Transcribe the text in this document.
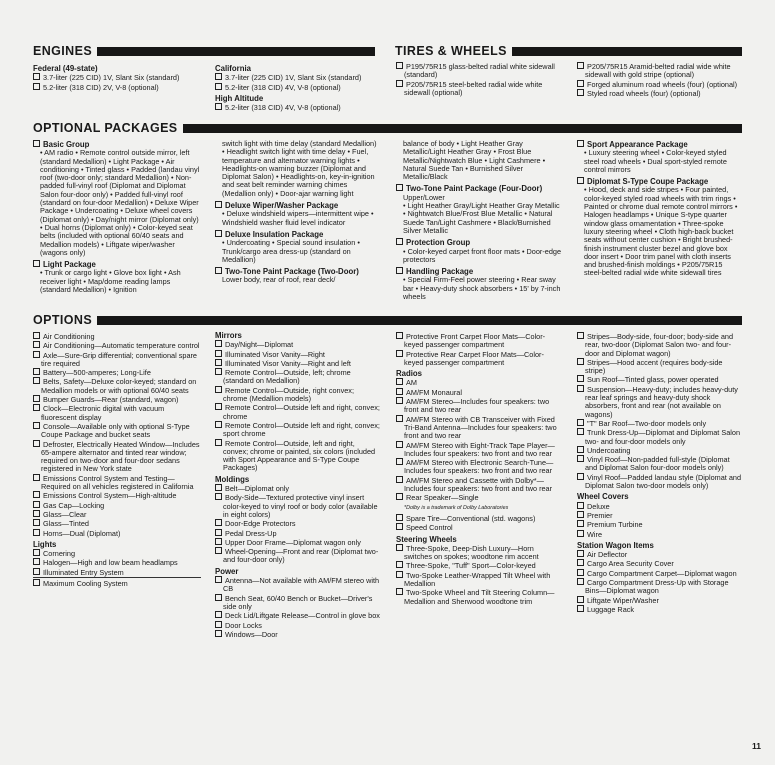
ENGINES	TIRES & WHEELS
OPTIONAL PACKAGES
OPTIONS

Federal (49-state)

3.7-liter (225 CID) 1V, Slant Six (standard)

5.2-liter (318 CID) 2V, V-8 (optional)

California

3.7-liter (225 CID) 1V, Slant Six (standard)

5.2-liter (318 CID) 4V, V-8 (optional)

High Altitude

5.2-liter (318 CID) 4V, V-8 (optional)

P195/75R15 glass-belted radial white sidewall (standard)

P205/75R15 steel-belted radial wide white sidewall (optional)

P205/75R15 Aramid-belted radial wide white sidewall with gold stripe (optional)

Forged aluminum road wheels (four) (optional)

Styled road wheels (four) (optional)

Basic Group

• AM radio • Remote control outside mirror, left (standard Medallion) • Light Package • Air conditioning • Tinted glass • Padded (landau vinyl roof (two-door only; standard Medallion) • Non-padded full-vinyl roof (Diplomat and Diplomat Salon four-door only) • Padded full-vinyl roof (standard on four-door Medallion) • Deluxe Wiper Package • Undercoating • Deluxe wheel covers (Diplomat only) • Day/night mirror (Diplomat only) • Dual horns (Diplomat only) • Color-keyed seat belts (included with optional 60/40 seats and Medallion models) • Liftgate wiper/washer (wagons only)

Light Package

• Trunk or cargo light • Glove box light • Ash receiver light • Map/dome reading lamps (standard Medallion) • Ignition

switch light with time delay (standard Medallion) • Headlight switch light with time delay • Fuel, temperature and alternator warning lights • Headlights-on warning buzzer (Diplomat and Diplomat Salon) • Headlights-on, key-in-ignition and seat belt reminder warning chimes (Medallion only) • Door-ajar warning light

Deluxe Wiper/Washer Package

• Deluxe windshield wipers—intermittent wipe • Windshield washer fluid level indicator

Deluxe Insulation Package

• Undercoating • Special sound insulation • Trunk/cargo area dress-up (standard on Medallion)

Two-Tone Paint Package (Two-Door)

Lower body, rear of roof, rear deck/

balance of body • Light Heather Gray Metallic/Light Heather Gray • Frost Blue Metallic/Nightwatch Blue • Light Cashmere • Natural Suede Tan • Burnished Silver Metallic/Black

Two-Tone Paint Package (Four-Door)

Upper/Lower

• Light Heather Gray/Light Heather Gray Metallic • Nightwatch Blue/Frost Blue Metallic • Natural Suede Tan/Light Cashmere • Black/Burnished Silver Metallic

Protection Group

• Color-keyed carpet front floor mats • Door-edge protectors

Handling Package

• Special Firm-Feel power steering • Rear sway bar • Heavy-duty shock absorbers • 15' by 7-inch wheels

Sport Appearance Package

• Luxury steering wheel • Color-keyed styled steel road wheels • Dual sport-styled remote control mirrors

Diplomat S-Type Coupe Package

• Hood, deck and side stripes • Four painted, color-keyed styled road wheels with trim rings • Painted or chrome dual remote control mirrors • Halogen headlamps • Unique S-type quarter window glass ornamentation • Three-spoke luxury steering wheel • Cloth high-back bucket seats without center cushion • Bright brushed-finish instrument cluster bezel and glove box door insert • Door trim panel with cloth inserts and brushed-finish moldings • P205/75R15 steel-belted radial wide white sidewall tires

Air Conditioning

Air Conditioning—Automatic temperature control

Axle—Sure-Grip differential; conventional spare tire required

Battery—500-amperes; Long-Life

Belts, Safety—Deluxe color-keyed; standard on Medallion models or with optional 60/40 seats

Bumper Guards—Rear (standard, wagon)

Clock—Electronic digital with vacuum fluorescent display

Console—Available only with optional S-Type Coupe Package and bucket seats

Defroster, Electrically Heated Window—Includes 65-ampere alternator and tinted rear window; required on two-door and four-door sedans registered in New York state

Emissions Control System and Testing—Required on all vehicles registered in California

Emissions Control System—High-altitude

Gas Cap—Locking

Glass—Clear

Glass—Tinted

Horns—Dual (Diplomat)

Lights

Cornering

Halogen—High and low beam headlamps

Illuminated Entry System

Maximum Cooling System

Mirrors

Day/Night—Diplomat

Illuminated Visor Vanity—Right

Illuminated Visor Vanity—Right and left

Remote Control—Outside, left; chrome (standard on Medallion)

Remote Control—Outside, right convex; chrome (Medallion models)

Remote Control—Outside left and right, convex; chrome

Remote Control—Outside left and right, convex; sport chrome

Remote Control—Outside, left and right, convex; chrome or painted, six colors (included with Sport Appearance and S-Type Coupe Packages)

Moldings

Belt—Diplomat only

Body-Side—Textured protective vinyl insert color-keyed to vinyl roof or body color (available in eight colors)

Door-Edge Protectors

Pedal Dress-Up

Upper Door Frame—Diplomat wagon only

Wheel-Opening—Front and rear (Diplomat two- and four-door only)

Power

Antenna—Not available with AM/FM stereo with CB

Bench Seat, 60/40 Bench or Bucket—Driver's side only

Deck Lid/Liftgate Release—Control in glove box

Door Locks

Windows—Door

Protective Front Carpet Floor Mats—Color-keyed passenger compartment

Protective Rear Carpet Floor Mats—Color-keyed passenger compartment

Radios

AM

AM/FM Monaural

AM/FM Stereo—Includes four speakers: two front and two rear

AM/FM Stereo with CB Transceiver with Fixed Tri-Band Antenna—Includes four speakers: two front and two rear

AM/FM Stereo with Eight-Track Tape Player—Includes four speakers: two front and two rear

AM/FM Stereo with Electronic Search-Tune—Includes four speakers: two front and two rear

AM/FM Stereo and Cassette with Dolby*—Includes four speakers: two front and two rear

Rear Speaker—Single

*Dolby is a trademark of Dolby Laboratories

Spare Tire—Conventional (std. wagons)

Speed Control

Steering Wheels

Three-Spoke, Deep-Dish Luxury—Horn switches on spokes; woodtone rim accent

Three-Spoke, "Tuff" Sport—Color-keyed

Two-Spoke Leather-Wrapped Tilt Wheel with Medallion

Two-Spoke Wheel and Tilt Steering Column—Medallion and Sherwood woodtone trim

Stripes—Body-side, four-door; body-side and rear, two-door (Diplomat Salon two- and four-door and Diplomat wagon)

Stripes—Hood accent (requires body-side stripe)

Sun Roof—Tinted glass, power operated

Suspension—Heavy-duty; includes heavy-duty rear leaf springs and heavy-duty shock absorbers, front and rear (not available on wagons)

"T" Bar Roof—Two-door models only

Trunk Dress-Up—Diplomat and Diplomat Salon two- and four-door models only

Undercoating

Vinyl Roof—Non-padded full-style (Diplomat and Diplomat Salon four-door models only)

Vinyl Roof—Padded landau style (Diplomat and Diplomat Salon two-door models only)

Wheel Covers

Deluxe

Premier

Premium Turbine

Wire

Station Wagon Items

Air Deflector

Cargo Area Security Cover

Cargo Compartment Carpet—Diplomat wagon

Cargo Compartment Dress-Up with Storage Bins—Diplomat wagon

Liftgate Wiper/Washer

Luggage Rack

11
